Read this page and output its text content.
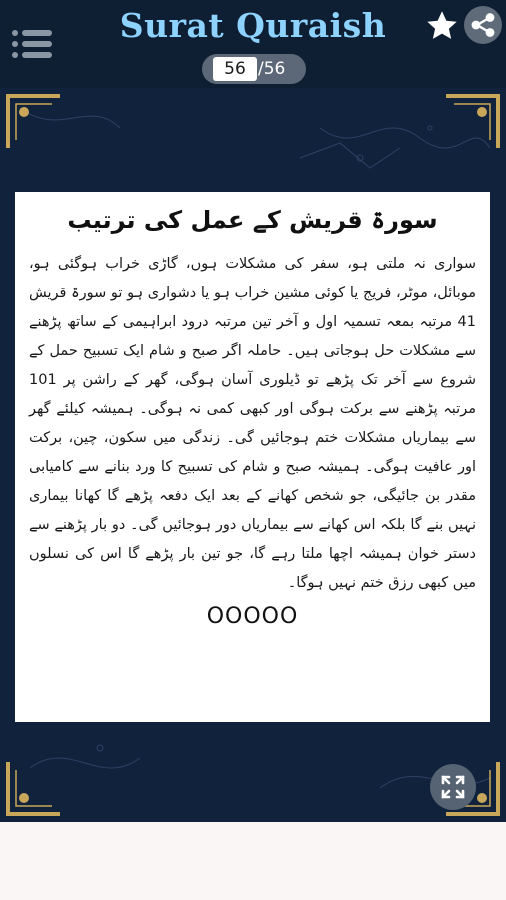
Surat Quraish
56 /56
سورۃ قریش کے عمل کی ترتیب
سواری نہ ملتی ہو، سفر کی مشکلات ہوں، گاڑی خراب ہوگئی ہو، موبائل، موٹر، فریج یا کوئی مشین خراب ہو یا دشواری ہو تو سورۃ قریش 41 مرتبہ بمعہ تسمیہ اول و آخر تین مرتبہ درود ابراہیمی کے ساتھ پڑھنے سے مشکلات حل ہوجاتی ہیں۔ حاملہ اگر صبح و شام ایک تسبیح حمل کے شروع سے آخر تک پڑھے تو ڈیلوری آسان ہوگی، گھر کے راشن پر 101 مرتبہ پڑھنے سے برکت ہوگی اور کبھی کمی نہ ہوگی۔ ہمیشہ کیلئے گھر سے بیماریاں مشکلات ختم ہوجائیں گی۔ زندگی میں سکون، چین، برکت اور عافیت ہوگی۔ ہمیشہ صبح و شام کی تسبیح کا ورد بنانے سے کامیابی مقدر بن جائیگی، جو شخص کھانے کے بعد ایک دفعہ پڑھے گا کھانا بیماری نہیں بنے گا بلکہ اس کھانے سے بیماریاں دور ہوجائیں گی۔ دو بار پڑھنے سے دستر خوان ہمیشہ اچھا ملتا رہے گا، جو تین بار پڑھے گا اس کی نسلوں میں کبھی رزق ختم نہیں ہوگا۔
OOOOO
